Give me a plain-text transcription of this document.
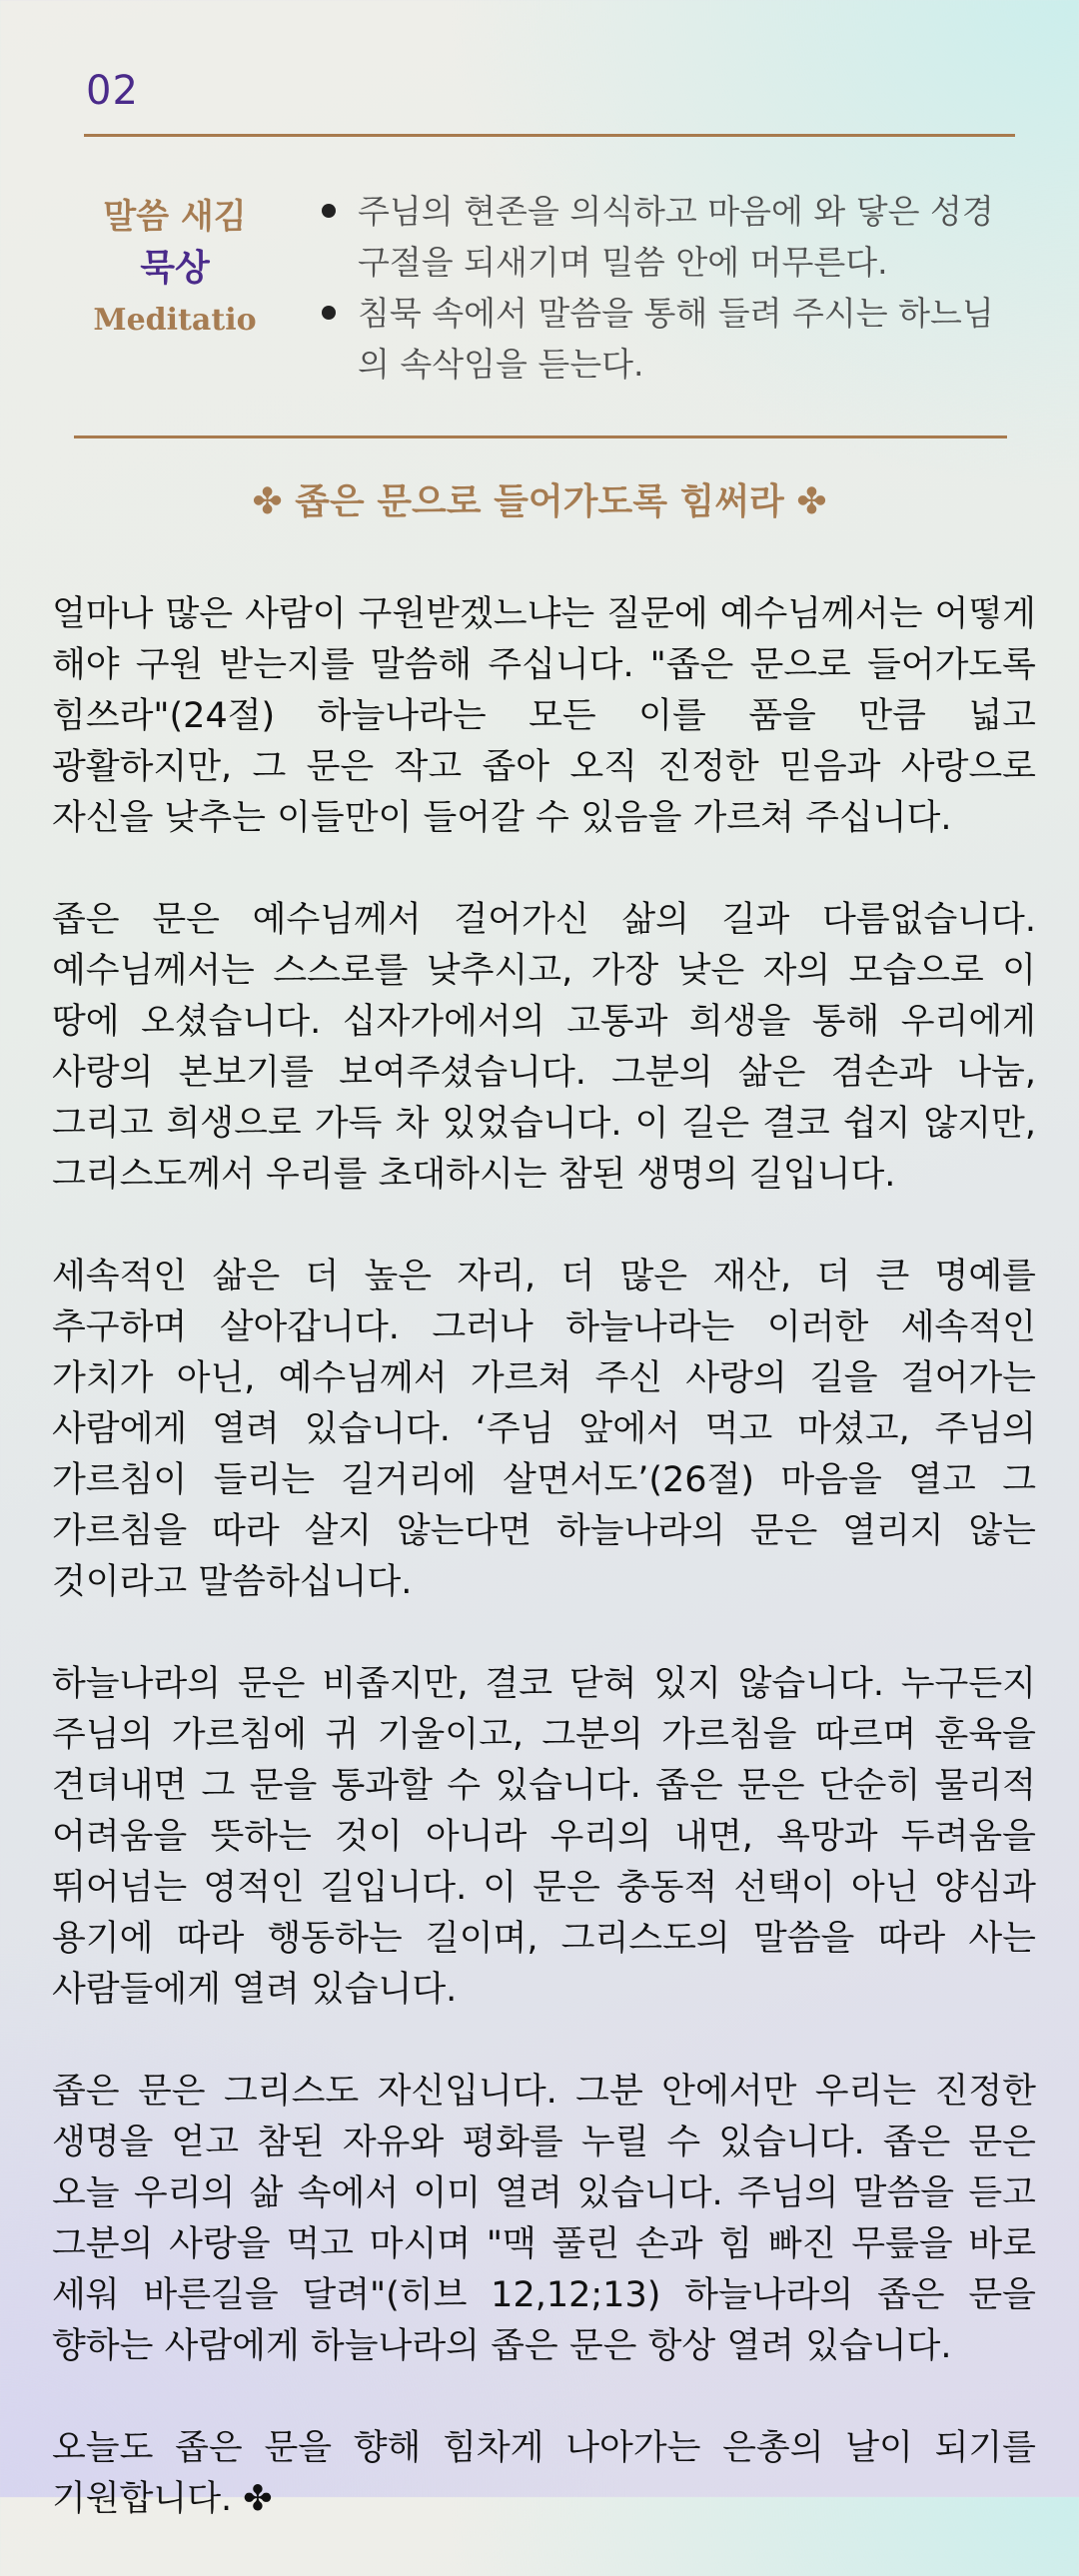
02
말씀 새김
묵상
Meditatio
주님의 현존을 의식하고 마음에 와 닿은 성경구절을 되새기며 밀씀 안에 머무른다.
침묵 속에서 말씀을 통해 들려 주시는 하느님의 속삭임을 듣는다.
✤ 좁은 문으로 들어가도록 힘써라 ✤

얼마나 많은 사람이 구원받겠느냐는 질문에 예수님께서는 어떻게 해야 구원 받는지를 말씀해 주십니다. "좁은 문으로 들어가도록 힘쓰라"(24절) 하늘나라는 모든 이를 품을 만큼 넓고 광활하지만, 그 문은 작고 좁아 오직 진정한 믿음과 사랑으로 자신을 낮추는 이들만이 들어갈 수 있음을 가르쳐 주십니다.

좁은 문은 예수님께서 걸어가신 삶의 길과 다름없습니다. 예수님께서는 스스로를 낮추시고, 가장 낮은 자의 모습으로 이 땅에 오셨습니다. 십자가에서의 고통과 희생을 통해 우리에게 사랑의 본보기를 보여주셨습니다. 그분의 삶은 겸손과 나눔, 그리고 희생으로 가득 차 있었습니다. 이 길은 결코 쉽지 않지만, 그리스도께서 우리를 초대하시는 참된 생명의 길입니다.

세속적인 삶은 더 높은 자리, 더 많은 재산, 더 큰 명예를 추구하며 살아갑니다. 그러나 하늘나라는 이러한 세속적인 가치가 아닌, 예수님께서 가르쳐 주신 사랑의 길을 걸어가는 사람에게 열려 있습니다. ‘주님 앞에서 먹고 마셨고, 주님의 가르침이 들리는 길거리에 살면서도’(26절) 마음을 열고 그 가르침을 따라 살지 않는다면 하늘나라의 문은 열리지 않는 것이라고 말씀하십니다.

하늘나라의 문은 비좁지만, 결코 닫혀 있지 않습니다. 누구든지 주님의 가르침에 귀 기울이고, 그분의 가르침을 따르며 훈육을 견뎌내면 그 문을 통과할 수 있습니다. 좁은 문은 단순히 물리적 어려움을 뜻하는 것이 아니라 우리의 내면, 욕망과 두려움을 뛰어넘는 영적인 길입니다. 이 문은 충동적 선택이 아닌 양심과 용기에 따라 행동하는 길이며, 그리스도의 말씀을 따라 사는 사람들에게 열려 있습니다.

좁은 문은 그리스도 자신입니다. 그분 안에서만 우리는 진정한 생명을 얻고 참된 자유와 평화를 누릴 수 있습니다. 좁은 문은 오늘 우리의 삶 속에서 이미 열려 있습니다. 주님의 말씀을 듣고 그분의 사랑을 먹고 마시며 "맥 풀린 손과 힘 빠진 무릎을 바로 세워 바른길을 달려"(히브 12,12;13) 하늘나라의 좁은 문을 향하는 사람에게 하늘나라의 좁은 문은 항상 열려 있습니다.

오늘도 좁은 문을 향해 힘차게 나아가는 은총의 날이 되기를 기원합니다. ✤
